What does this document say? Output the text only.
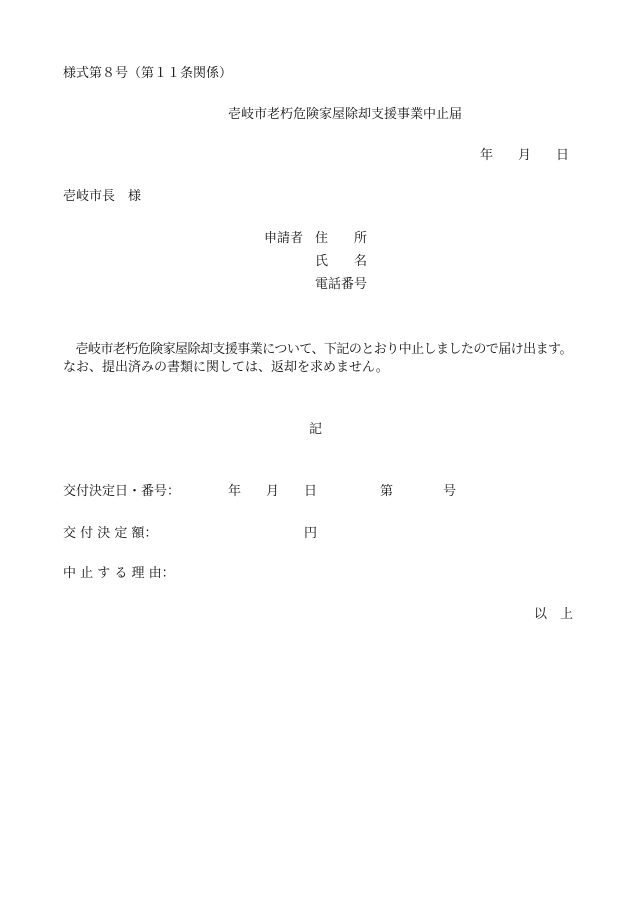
様式第８号（第１１条関係）

壱岐市老朽危険家屋除却支援事業中止届

年 月 日

壱岐市長　様

申請者 住　　所

氏　　名

電話番号

　壱岐市老朽危険家屋除却支援事業について、下記のとおり中止しましたので届け出ます。

なお、提出済みの書類に関しては、返却を求めません。

記

交付決定日・番号：	年 月 日	第	号

交 付 決 定 額：	円

中 止 す る 理 由：

以　上
